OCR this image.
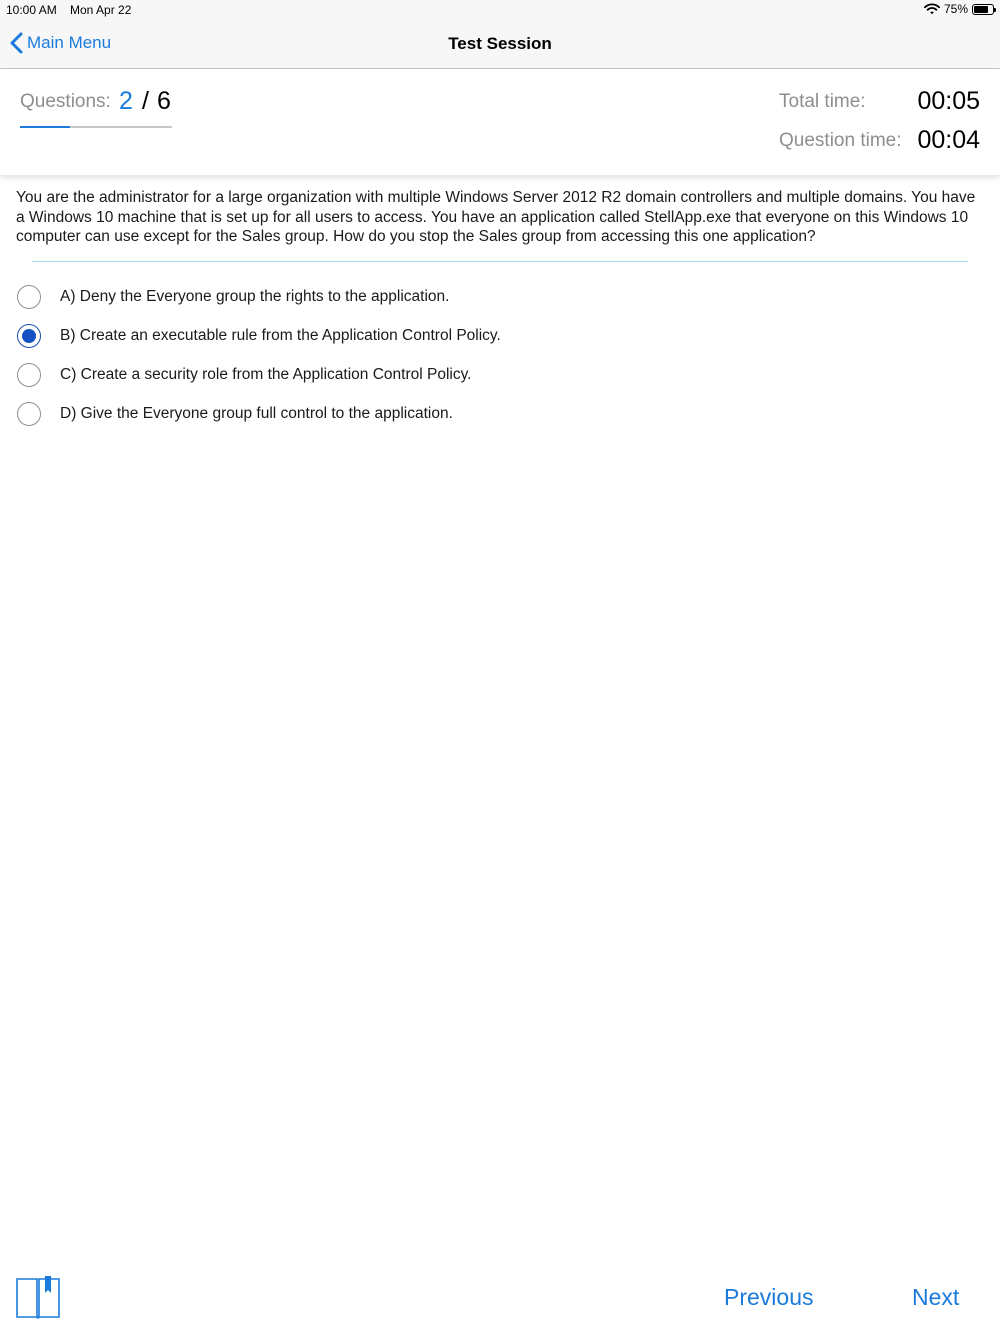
10:00 AM Mon Apr 22	75%
Main Menu	Test Session
Questions: 2 / 6	Total time: 00:05
Question time: 00:04
You are the administrator for a large organization with multiple Windows Server 2012 R2 domain controllers and multiple domains. You have a Windows 10 machine that is set up for all users to access. You have an application called StellApp.exe that everyone on this Windows 10 computer can use except for the Sales group. How do you stop the Sales group from accessing this one application?
A) Deny the Everyone group the rights to the application.
B) Create an executable rule from the Application Control Policy.
C) Create a security role from the Application Control Policy.
D) Give the Everyone group full control to the application.
Previous	Next
